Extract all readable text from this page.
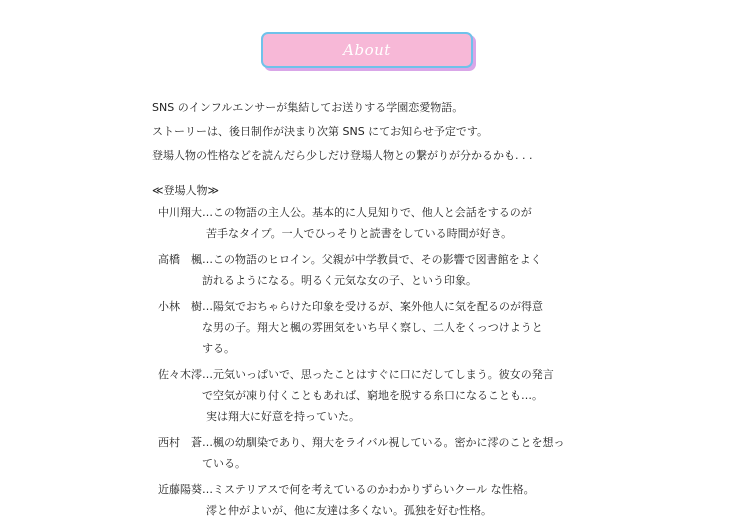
About
SNS のインフルエンサーが集結してお送りする学園恋愛物語。
ストーリーは、後日制作が決まり次第 SNS にてお知らせ予定です。
登場人物の性格などを読んだら少しだけ登場人物との繋がりが分かるかも. . .
≪登場人物≫
中川翔大 …この物語の主人公。基本的に人見知りで、他人と会話をするのが
苦手なタイプ。一人でひっそりと読書をしている時間が好き。
高橋　楓 …この物語のヒロイン。父親が中学教員で、その影響で図書館をよく
訪れるようになる。明るく元気な女の子、という印象。
小林　樹 …陽気でおちゃらけた印象を受けるが、案外他人に気を配るのが得意
な男の子。翔大と楓の雰囲気をいち早く察し、二人をくっつけようと
する。
佐々木澪 …元気いっぱいで、思ったことはすぐに口にだしてしまう。彼女の発言
で空気が凍り付くこともあれば、窮地を脱する糸口になることも…。
実は翔大に好意を持っていた。
西村　蒼 …楓の幼馴染であり、翔大をライバル視している。密かに澪のことを想っ
ている。
近藤陽葵 …ミステリアスで何を考えているのかわかりずらいクール な性格。
澪と仲がよいが、他に友達は多くない。孤独を好む性格。
